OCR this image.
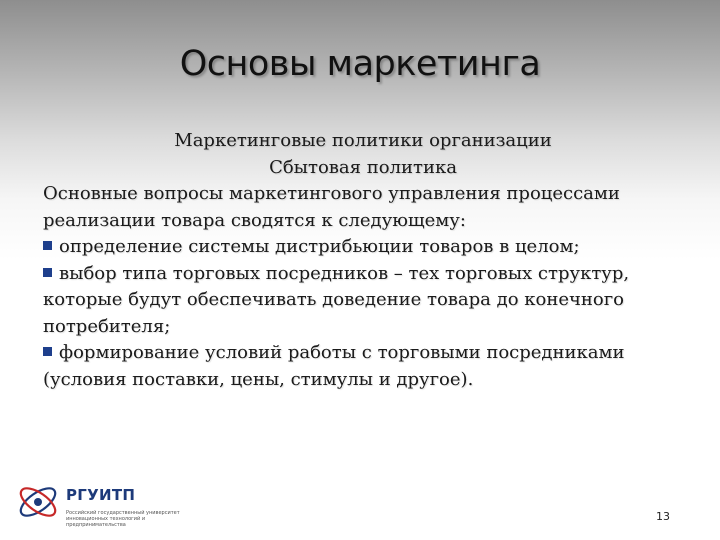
Основы маркетинга
Маркетинговые политики организации
Сбытовая политика
Основные вопросы маркетингового управления процессами реализации товара сводятся к следующему:
определение системы дистрибьюции товаров в целом;
выбор типа торговых посредников – тех торговых структур, которые будут обеспечивать доведение товара до конечного потребителя;
формирование условий работы с торговыми посредниками (условия поставки, цены, стимулы и другое).
РГУИТП
Российский государственный университет инновационных технологий и предпринимательства
13
